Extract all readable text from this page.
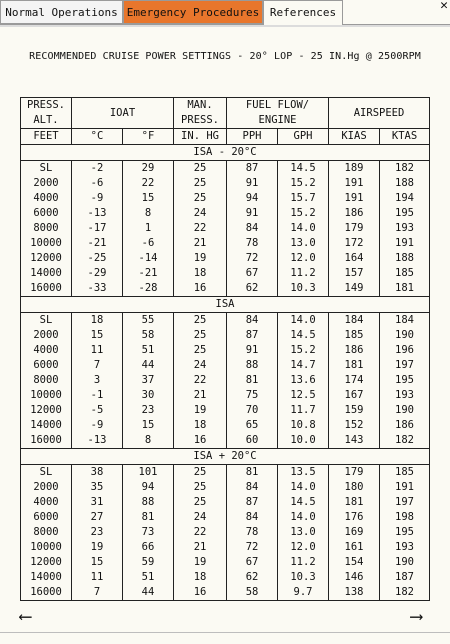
Normal Operations Emergency Procedures References	✕
RECOMMENDED CRUISE POWER SETTINGS - 20° LOP - 25 IN.Hg @ 2500RPM
PRESS.	IOAT		MAN.	FUEL FLOW/		AIRSPEED	
ALT.			PRESS.	ENGINE			
FEET	°C	°F	IN. HG	PPH	GPH	KIAS	KTAS
ISA - 20°C							
SL	-2	29	25	87	14.5	189	182
2000	-6	22	25	91	15.2	191	188
4000	-9	15	25	94	15.7	191	194
6000	-13	8	24	91	15.2	186	195
8000	-17	1	22	84	14.0	179	193
10000	-21	-6	21	78	13.0	172	191
12000	-25	-14	19	72	12.0	164	188
14000	-29	-21	18	67	11.2	157	185
16000	-33	-28	16	62	10.3	149	181
ISA							
SL	18	55	25	84	14.0	184	184
2000	15	58	25	87	14.5	185	190
4000	11	51	25	91	15.2	186	196
6000	7	44	24	88	14.7	181	197
8000	3	37	22	81	13.6	174	195
10000	-1	30	21	75	12.5	167	193
12000	-5	23	19	70	11.7	159	190
14000	-9	15	18	65	10.8	152	186
16000	-13	8	16	60	10.0	143	182
ISA + 20°C							
SL	38	101	25	81	13.5	179	185
2000	35	94	25	84	14.0	180	191
4000	31	88	25	87	14.5	181	197
6000	27	81	24	84	14.0	176	198
8000	23	73	22	78	13.0	169	195
10000	19	66	21	72	12.0	161	193
12000	15	59	19	67	11.2	154	190
14000	11	51	18	62	10.3	146	187
16000	7	44	16	58	9.7	138	182
⟵	⟶
